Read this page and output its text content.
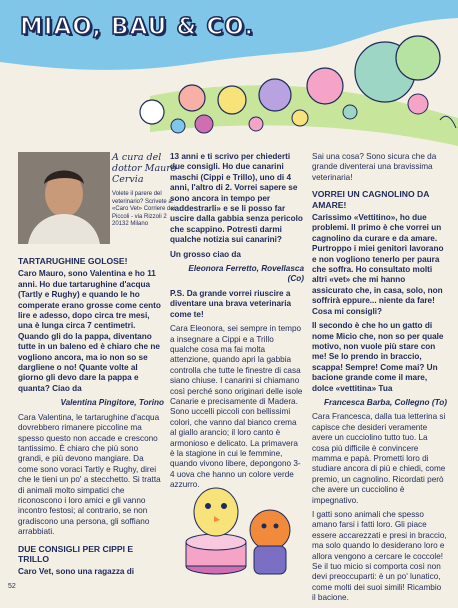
MIAO, BAU & CO.
A cura del dottor Mauro Cervia
Volete il parere del veterinario? Scrivete a: «Caro Vet» Corriere dei Piccoli - via Rizzoli 2 20132 Milano
TARTARUGHINE GOLOSE!

Caro Mauro, sono Valentina e ho 11 anni. Ho due tartarughine d'acqua (Tartly e Rughy) e quando le ho comperate erano grosse come cento lire e adesso, dopo circa tre mesi, una è lunga circa 7 centimetri. Quando gli do la pappa, diventano tutte in un baleno ed è chiaro che ne vogliono ancora, ma io non so se dargliene o no! Quante volte al giorno gli devo dare la pappa e quanta? Ciao da

Valentina Pingitore, Torino

Cara Valentina, le tartarughine d'acqua dovrebbero rimanere piccoline ma spesso questo non accade e crescono tantissimo. È chiaro che più sono grandi, e più devono mangiare. Da come sono voraci Tartly e Rughy, direi che le tieni un po' a stecchetto. Si tratta di animali molto simpatici che riconoscono i loro amici e gli vanno incontro festosi; al contrario, se non gradiscono una persona, gli soffiano arrabbiati.

DUE CONSIGLI PER CIPPI E TRILLO

Caro Vet, sono una ragazza di

13 anni e ti scrivo per chiederti due consigli. Ho due canarini maschi (Cippi e Trillo), uno di 4 anni, l'altro di 2. Vorrei sapere se sono ancora in tempo per «addestrarli» e se li posso far uscire dalla gabbia senza pericolo che scappino. Potresti darmi qualche notizia sui canarini?

Un grosso ciao da

Eleonora Ferretto, Rovellasca (Co)

P.S. Da grande vorrei riuscire a diventare una brava veterinaria come te!

Cara Eleonora, sei sempre in tempo a insegnare a Cippi e a Trillo qualche cosa ma fai molta attenzione, quando apri la gabbia controlla che tutte le finestre di casa siano chiuse. I canarini si chiamano così perché sono originari delle isole Canarie e precisamente di Madera. Sono uccelli piccoli con bellissimi colori, che vanno dal bianco crema al giallo arancio; il loro canto è armonioso e delicato. La primavera è la stagione in cui le femmine, quando vivono libere, depongono 3-4 uova che hanno un colore verde azzurro.

Sai una cosa? Sono sicura che da grande diventerai una bravissima veterinaria!

VORREI UN CAGNOLINO DA AMARE!

Carissimo «Vettitino», ho due problemi. Il primo è che vorrei un cagnolino da curare e da amare. Purtroppo i miei genitori lavorano e non vogliono tenerlo per paura che soffra. Ho consultato molti altri «vet» che mi hanno assicurato che, in casa, solo, non soffrirà eppure... niente da fare! Cosa mi consigli?

Il secondo è che ho un gatto di nome Micio che, non so per quale motivo, non vuole più stare con me! Se lo prendo in braccio, scappa! Sempre! Come mai? Un bacione grande come il mare, dolce «vettitina» Tua

Francesca Barba, Collegno (To)

Cara Francesca, dalla tua letterina si capisce che desideri veramente avere un cucciolino tutto tuo. La cosa più difficile è convincere mamma e papà. Prometti loro di studiare ancora di più e chiedi, come premio, un cagnolino. Ricordati però che avere un cucciolino è impegnativo.

I gatti sono animali che spesso amano farsi i fatti loro. Gli piace essere accarezzati e presi in braccio, ma solo quando lo desiderano loro e allora vengono a cercare le coccole! Se il tuo micio si comporta così non devi preoccuparti: è un po' lunatico, come molti dei suoi simili! Ricambio il bacione.

52
